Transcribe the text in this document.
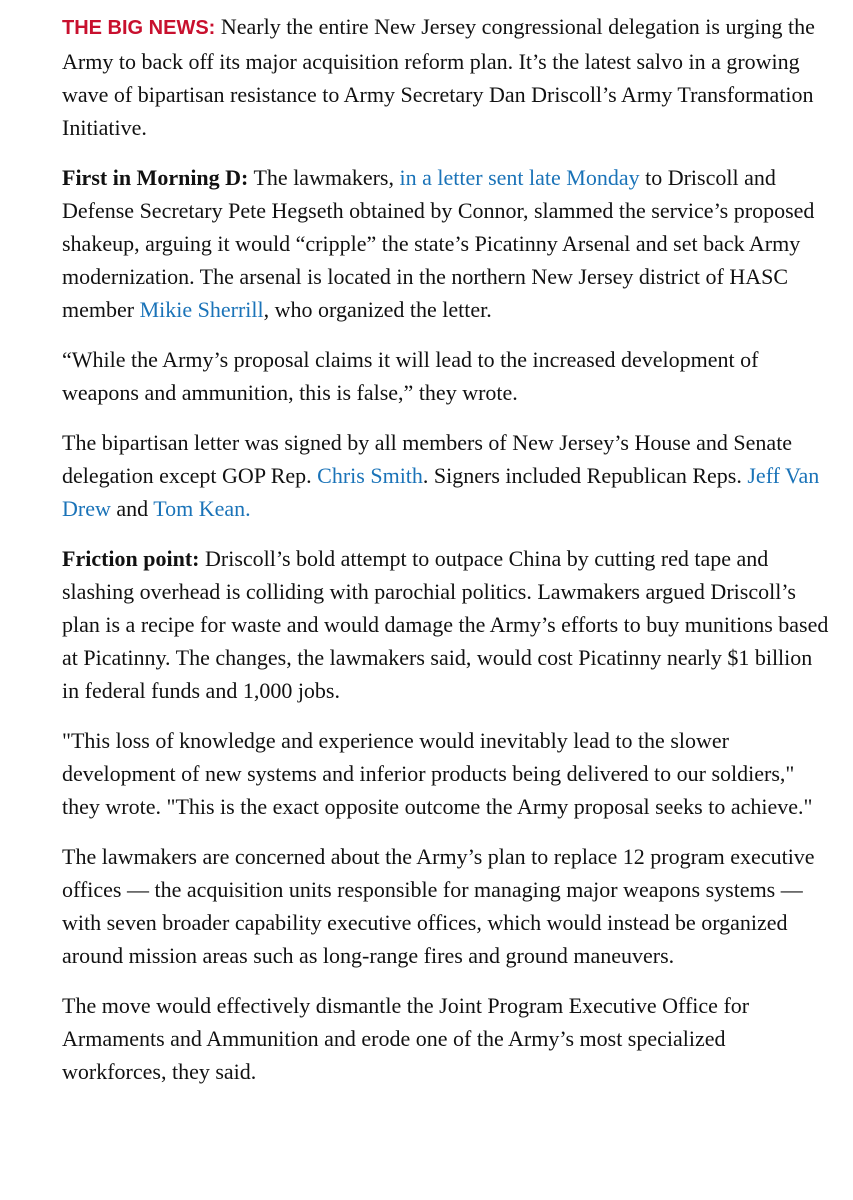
THE BIG NEWS: Nearly the entire New Jersey congressional delegation is urging the Army to back off its major acquisition reform plan. It’s the latest salvo in a growing wave of bipartisan resistance to Army Secretary Dan Driscoll’s Army Transformation Initiative.

First in Morning D: The lawmakers, in a letter sent late Monday to Driscoll and Defense Secretary Pete Hegseth obtained by Connor, slammed the service’s proposed shakeup, arguing it would “cripple” the state’s Picatinny Arsenal and set back Army modernization. The arsenal is located in the northern New Jersey district of HASC member Mikie Sherrill, who organized the letter.

“While the Army’s proposal claims it will lead to the increased development of weapons and ammunition, this is false,” they wrote.

The bipartisan letter was signed by all members of New Jersey’s House and Senate delegation except GOP Rep. Chris Smith. Signers included Republican Reps. Jeff Van Drew and Tom Kean.

Friction point: Driscoll’s bold attempt to outpace China by cutting red tape and slashing overhead is colliding with parochial politics. Lawmakers argued Driscoll’s plan is a recipe for waste and would damage the Army’s efforts to buy munitions based at Picatinny. The changes, the lawmakers said, would cost Picatinny nearly $1 billion in federal funds and 1,000 jobs.

"This loss of knowledge and experience would inevitably lead to the slower development of new systems and inferior products being delivered to our soldiers," they wrote. "This is the exact opposite outcome the Army proposal seeks to achieve."

The lawmakers are concerned about the Army’s plan to replace 12 program executive offices — the acquisition units responsible for managing major weapons systems — with seven broader capability executive offices, which would instead be organized around mission areas such as long-range fires and ground maneuvers.

The move would effectively dismantle the Joint Program Executive Office for Armaments and Ammunition and erode one of the Army’s most specialized workforces, they said.
